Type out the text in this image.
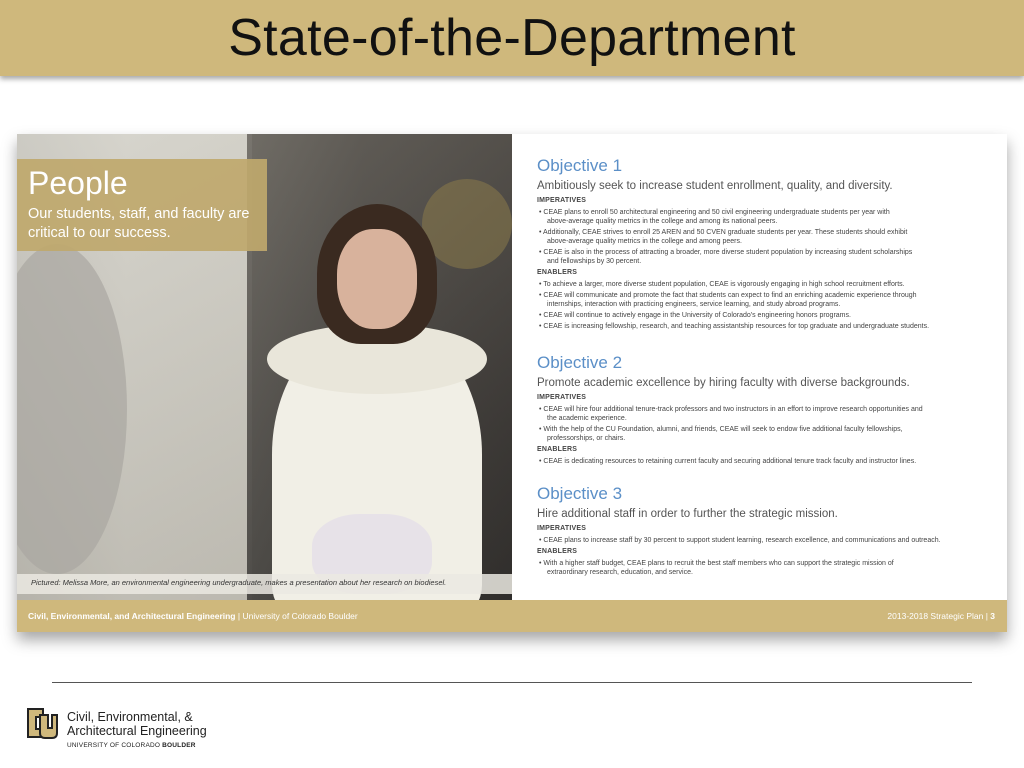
State-of-the-Department
People
Our students, staff, and faculty are critical to our success.
Pictured: Melissa More, an environmental engineering undergraduate, makes a presentation about her research on biodiesel.
Civil, Environmental, and Architectural Engineering | University of Colorado Boulder
Objective 1
Ambitiously seek to increase student enrollment, quality, and diversity.
IMPERATIVES
• CEAE plans to enroll 50 architectural engineering and 50 civil engineering undergraduate students per year with
above-average quality metrics in the college and among its national peers.
• Additionally, CEAE strives to enroll 25 AREN and 50 CVEN graduate students per year. These students should exhibit
above-average quality metrics in the college and among peers.
• CEAE is also in the process of attracting a broader, more diverse student population by increasing student scholarships
and fellowships by 30 percent.
ENABLERS
• To achieve a larger, more diverse student population, CEAE is vigorously engaging in high school recruitment efforts.
• CEAE will communicate and promote the fact that students can expect to find an enriching academic experience through
internships, interaction with practicing engineers, service learning, and study abroad programs.
• CEAE will continue to actively engage in the University of Colorado's engineering honors programs.
• CEAE is increasing fellowship, research, and teaching assistantship resources for top graduate and undergraduate students.
Objective 2
Promote academic excellence by hiring faculty with diverse backgrounds.
IMPERATIVES
• CEAE will hire four additional tenure-track professors and two instructors in an effort to improve research opportunities and
the academic experience.
• With the help of the CU Foundation, alumni, and friends, CEAE will seek to endow five additional faculty fellowships,
professorships, or chairs.
ENABLERS
• CEAE is dedicating resources to retaining current faculty and securing additional tenure track faculty and instructor lines.
Objective 3
Hire additional staff in order to further the strategic mission.
IMPERATIVES
• CEAE plans to increase staff by 30 percent to support student learning, research excellence, and communications and outreach.
ENABLERS
• With a higher staff budget, CEAE plans to recruit the best staff members who can support the strategic mission of
extraordinary research, education, and service.
2013-2018 Strategic Plan | 3
Civil, Environmental, &
Architectural Engineering
UNIVERSITY OF COLORADO BOULDER
